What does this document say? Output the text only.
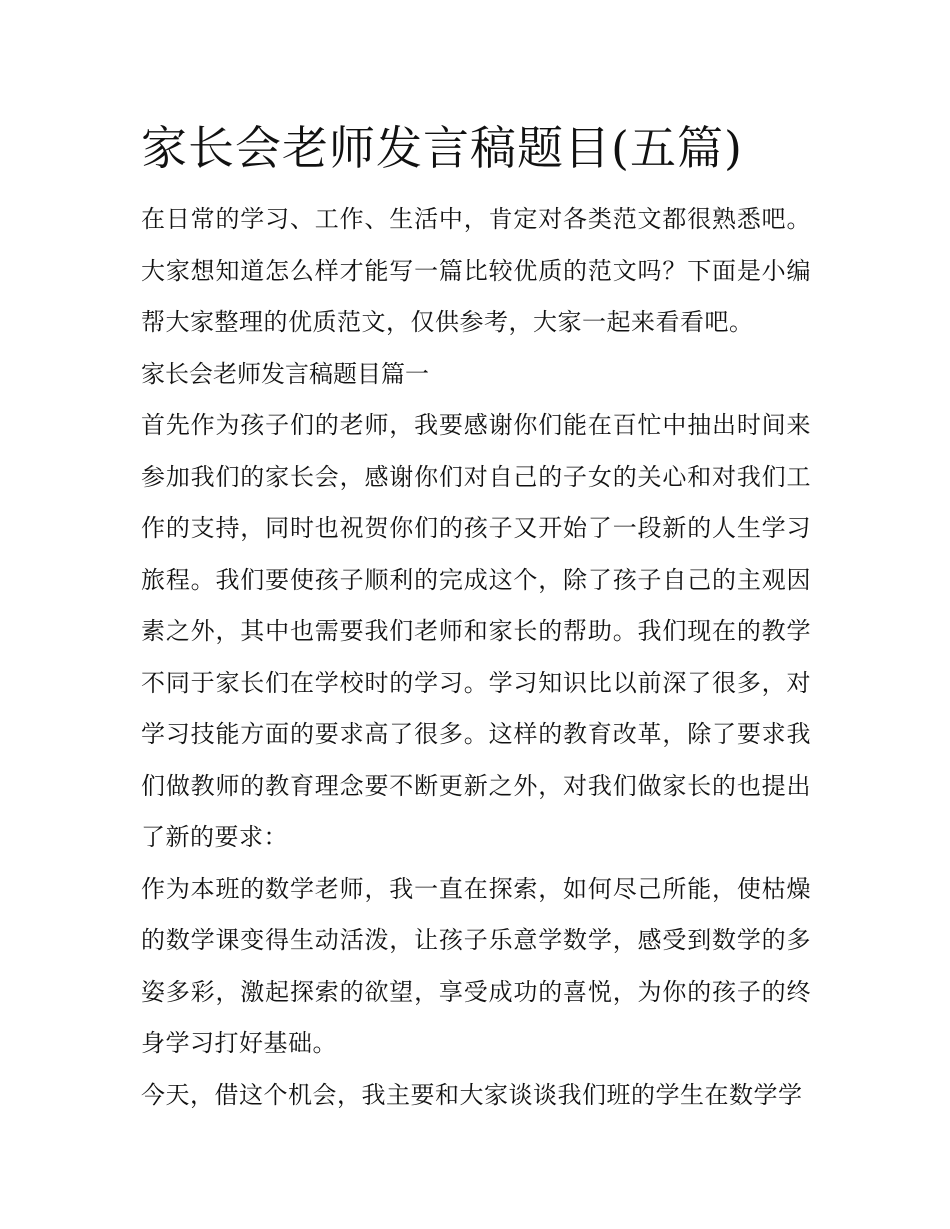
家长会老师发言稿题目(五篇)

在日常的学习、工作、生活中，肯定对各类范文都很熟悉吧。大家想知道怎么样才能写一篇比较优质的范文吗？下面是小编帮大家整理的优质范文，仅供参考，大家一起来看看吧。

家长会老师发言稿题目篇一

首先作为孩子们的老师，我要感谢你们能在百忙中抽出时间来参加我们的家长会，感谢你们对自己的子女的关心和对我们工作的支持，同时也祝贺你们的孩子又开始了一段新的人生学习旅程。我们要使孩子顺利的完成这个，除了孩子自己的主观因素之外，其中也需要我们老师和家长的帮助。我们现在的教学不同于家长们在学校时的学习。学习知识比以前深了很多，对学习技能方面的要求高了很多。这样的教育改革，除了要求我们做教师的教育理念要不断更新之外，对我们做家长的也提出了新的要求：

作为本班的数学老师，我一直在探索，如何尽己所能，使枯燥的数学课变得生动活泼，让孩子乐意学数学，感受到数学的多姿多彩，激起探索的欲望，享受成功的喜悦，为你的孩子的终身学习打好基础。

今天，借这个机会，我主要和大家谈谈我们班的学生在数学学
